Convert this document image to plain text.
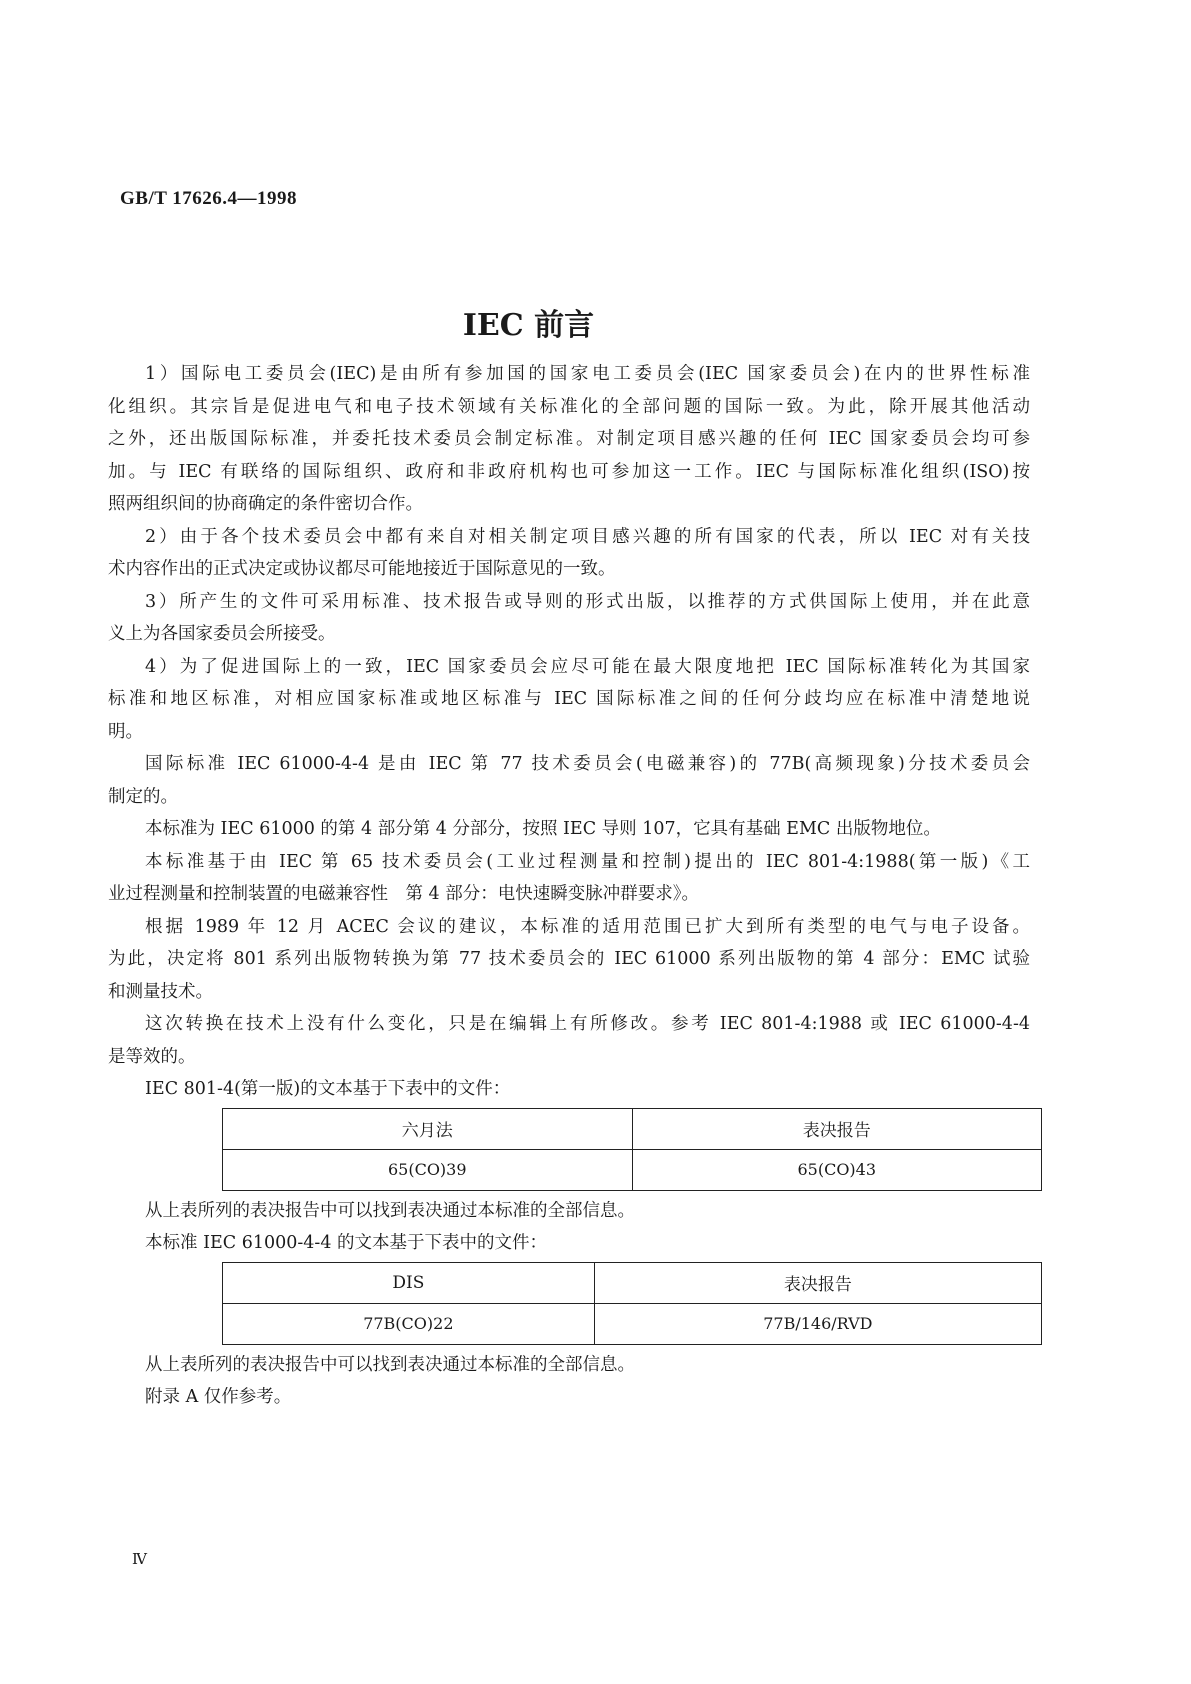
GB/T 17626.4—1998
IEC 前言
1）国际电工委员会(IEC)是由所有参加国的国家电工委员会(IEC 国家委员会)在内的世界性标准
化组织。其宗旨是促进电气和电子技术领域有关标准化的全部问题的国际一致。为此，除开展其他活动
之外，还出版国际标准，并委托技术委员会制定标准。对制定项目感兴趣的任何 IEC 国家委员会均可参
加。与 IEC 有联络的国际组织、政府和非政府机构也可参加这一工作。IEC 与国际标准化组织(ISO)按
照两组织间的协商确定的条件密切合作。
2）由于各个技术委员会中都有来自对相关制定项目感兴趣的所有国家的代表，所以 IEC 对有关技
术内容作出的正式决定或协议都尽可能地接近于国际意见的一致。
3）所产生的文件可采用标准、技术报告或导则的形式出版，以推荐的方式供国际上使用，并在此意
义上为各国家委员会所接受。
4）为了促进国际上的一致，IEC 国家委员会应尽可能在最大限度地把 IEC 国际标准转化为其国家
标准和地区标准，对相应国家标准或地区标准与 IEC 国际标准之间的任何分歧均应在标准中清楚地说
明。
国际标准 IEC 61000-4-4 是由 IEC 第 77 技术委员会(电磁兼容)的 77B(高频现象)分技术委员会
制定的。
本标准为 IEC 61000 的第 4 部分第 4 分部分，按照 IEC 导则 107，它具有基础 EMC 出版物地位。
本标准基于由 IEC 第 65 技术委员会(工业过程测量和控制)提出的 IEC 801-4:1988(第一版)《工
业过程测量和控制装置的电磁兼容性　第 4 部分：电快速瞬变脉冲群要求》。
根据 1989 年 12 月 ACEC 会议的建议，本标准的适用范围已扩大到所有类型的电气与电子设备。
为此，决定将 801 系列出版物转换为第 77 技术委员会的 IEC 61000 系列出版物的第 4 部分：EMC 试验
和测量技术。
这次转换在技术上没有什么变化，只是在编辑上有所修改。参考 IEC 801-4:1988 或 IEC 61000-4-4
是等效的。
IEC 801-4(第一版)的文本基于下表中的文件：
六月法	表决报告
65(CO)39	65(CO)43
从上表所列的表决报告中可以找到表决通过本标准的全部信息。
本标准 IEC 61000-4-4 的文本基于下表中的文件：
DIS	表决报告
77B(CO)22	77B/146/RVD
从上表所列的表决报告中可以找到表决通过本标准的全部信息。
附录 A 仅作参考。
Ⅳ
